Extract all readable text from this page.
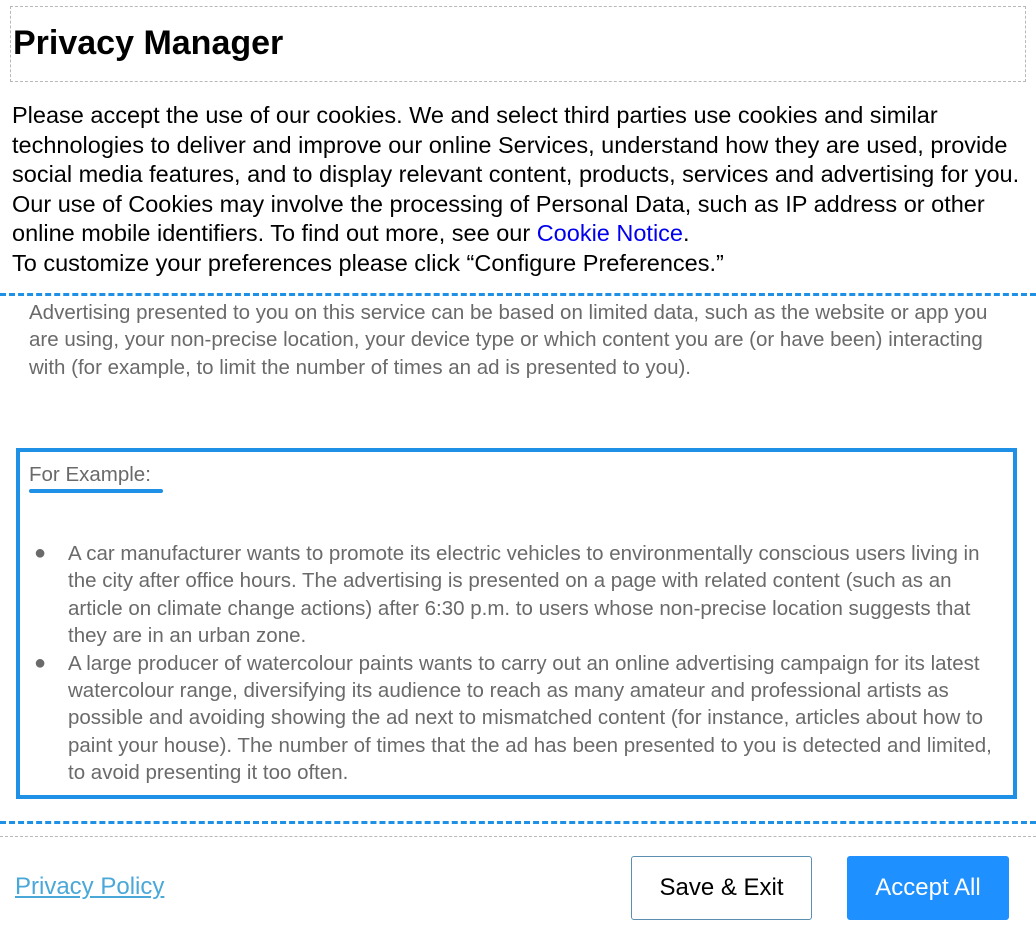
Privacy Manager

Please accept the use of our cookies. We and select third parties use cookies and similar technologies to deliver and improve our online Services, understand how they are used, provide social media features, and to display relevant content, products, services and advertising for you. Our use of Cookies may involve the processing of Personal Data, such as IP address or other online mobile identifiers. To find out more, see our Cookie Notice.
To customize your preferences please click “Configure Preferences.”

Advertising presented to you on this service can be based on limited data, such as the website or app you are using, your non-precise location, your device type or which content you are (or have been) interacting with (for example, to limit the number of times an ad is presented to you).

For Example:
● A car manufacturer wants to promote its electric vehicles to environmentally conscious users living in the city after office hours. The advertising is presented on a page with related content (such as an article on climate change actions) after 6:30 p.m. to users whose non-precise location suggests that they are in an urban zone.
● A large producer of watercolour paints wants to carry out an online advertising campaign for its latest watercolour range, diversifying its audience to reach as many amateur and professional artists as possible and avoiding showing the ad next to mismatched content (for instance, articles about how to paint your house). The number of times that the ad has been presented to you is detected and limited, to avoid presenting it too often.
Privacy Policy	Save & Exit	Accept All
